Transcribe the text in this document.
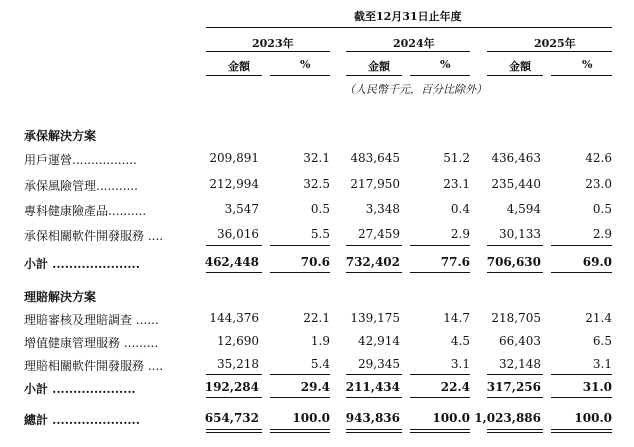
截至12月31日止年度
2023年	2024年	2025年
金額	%	金額	%	金額	%
（人民幣千元，百分比除外）
承保解決方案
用戶運營.................	209,891	32.1 483,645	51.2 436,463	42.6
承保風險管理...........	212,994	32.5 217,950	23.1 235,440	23.0
專科健康險產品..........	3,547	0.5	3,348	0.4	4,594	0.5
承保相關軟件開發服務 ....	36,016	5.5 27,459	2.9 30,133	2.9
小計 .....................	462,448	70.6 732,402	77.6 706,630	69.0
理賠解決方案
理賠審核及理賠調查 ......	144,376	22.1 139,175	14.7 218,705	21.4
增值健康管理服務 .........	12,690	1.9 42,914	4.5 66,403	6.5
理賠相關軟件開發服務 ....	35,218	5.4 29,345	3.1 32,148	3.1
小計 ....................	192,284	29.4 211,434	22.4 317,256	31.0
總計 .....................	654,732	100.0 943,836	100.0 1,023,886	100.0
